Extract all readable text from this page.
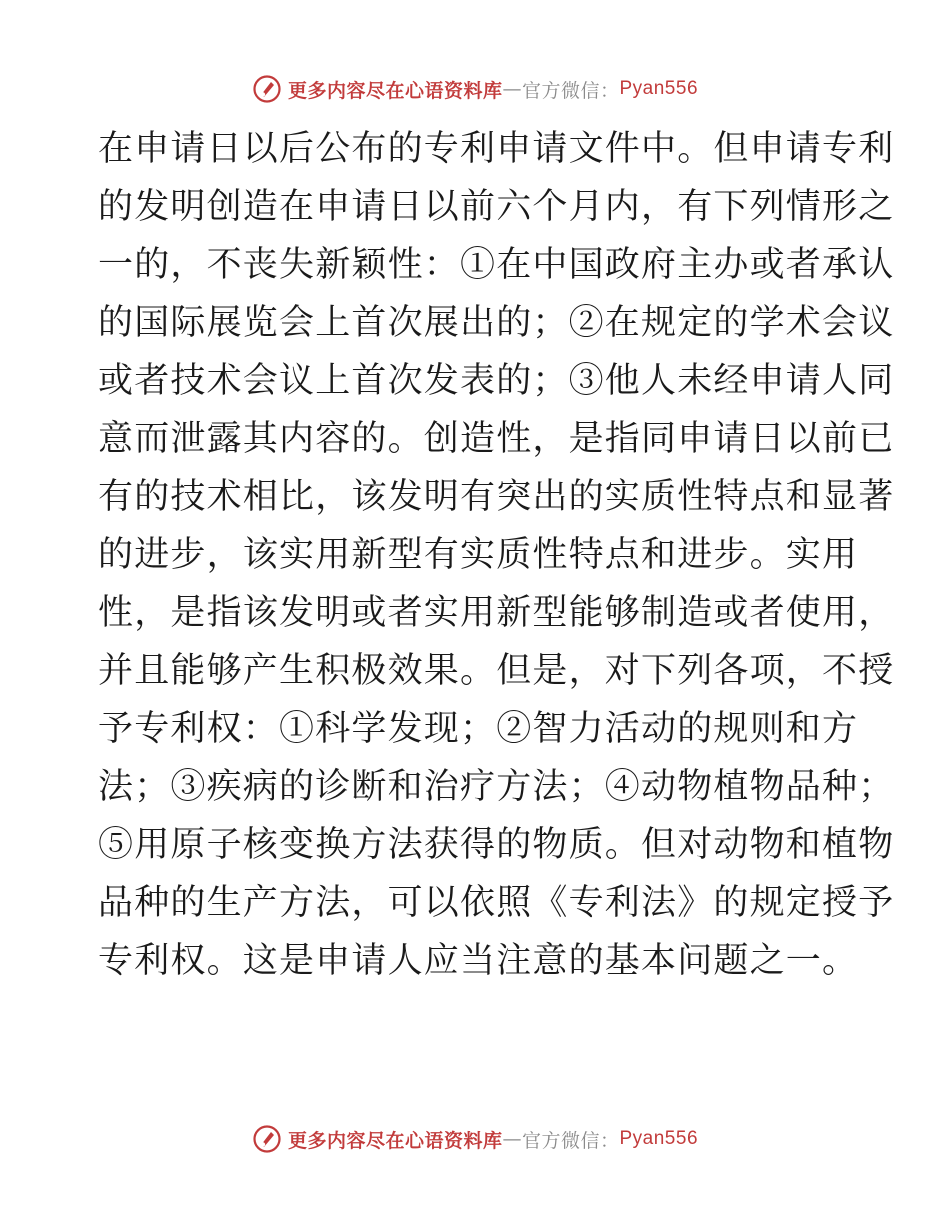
更多内容尽在心语资料库 — 官方微信： Pyan556
在申请日以后公布的专利申请文件中。但申请专利
的发明创造在申请日以前六个月内，有下列情形之
一的，不丧失新颖性：①在中国政府主办或者承认
的国际展览会上首次展出的；②在规定的学术会议
或者技术会议上首次发表的；③他人未经申请人同
意而泄露其内容的。创造性，是指同申请日以前已
有的技术相比，该发明有突出的实质性特点和显著
的进步，该实用新型有实质性特点和进步。实用
性，是指该发明或者实用新型能够制造或者使用，
并且能够产生积极效果。但是，对下列各项，不授
予专利权：①科学发现；②智力活动的规则和方
法；③疾病的诊断和治疗方法；④动物植物品种；
⑤用原子核变换方法获得的物质。但对动物和植物
品种的生产方法，可以依照《专利法》的规定授予
专利权。这是申请人应当注意的基本问题之一。
更多内容尽在心语资料库 — 官方微信： Pyan556
